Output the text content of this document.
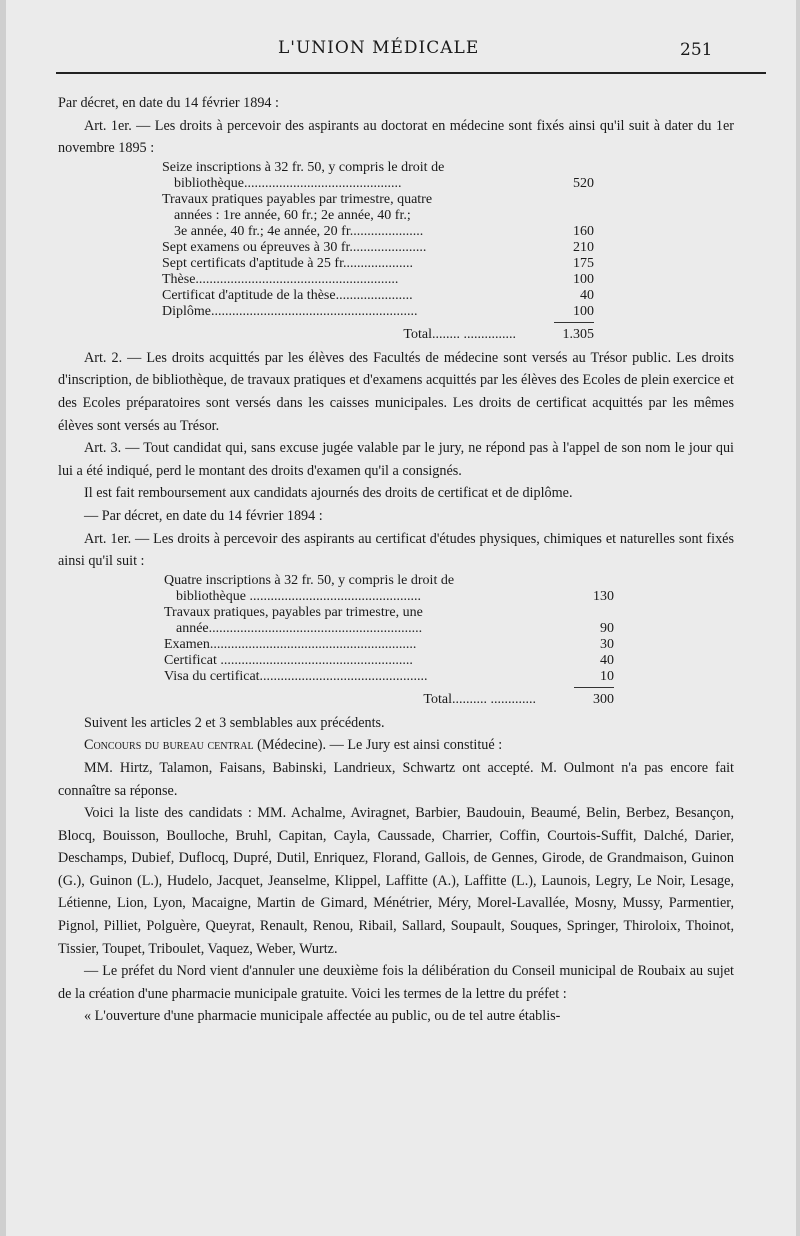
L'UNION MÉDICALE	251

Par décret, en date du 14 février 1894 :

Art. 1er. — Les droits à percevoir des aspirants au doctorat en médecine sont fixés ainsi qu'il suit à dater du 1er novembre 1895 :

Seize inscriptions à 32 fr. 50, y compris le droit de
bibliothèque.............................................	520
Travaux pratiques payables par trimestre, quatre
années : 1re année, 60 fr.; 2e année, 40 fr.;
3e année, 40 fr.; 4e année, 20 fr.....................	160
Sept examens ou épreuves à 30 fr......................	210
Sept certificats d'aptitude à 25 fr....................	175
Thèse..........................................................	100
Certificat d'aptitude de la thèse......................	40
Diplôme...........................................................	100
Total........ ...............	1.305

Art. 2. — Les droits acquittés par les élèves des Facultés de médecine sont versés au Trésor public. Les droits d'inscription, de bibliothèque, de travaux pratiques et d'examens acquittés par les élèves des Ecoles de plein exercice et des Ecoles préparatoires sont versés dans les caisses municipales. Les droits de certificat acquittés par les mêmes élèves sont versés au Trésor.

Art. 3. — Tout candidat qui, sans excuse jugée valable par le jury, ne répond pas à l'appel de son nom le jour qui lui a été indiqué, perd le montant des droits d'examen qu'il a consignés.

Il est fait remboursement aux candidats ajournés des droits de certificat et de diplôme.

— Par décret, en date du 14 février 1894 :

Art. 1er. — Les droits à percevoir des aspirants au certificat d'études physiques, chimiques et naturelles sont fixés ainsi qu'il suit :

Quatre inscriptions à 32 fr. 50, y compris le droit de
bibliothèque .................................................	130
Travaux pratiques, payables par trimestre, une
année.............................................................	90
Examen...........................................................	30
Certificat .......................................................	40
Visa du certificat................................................	10
Total.......... .............	300

Suivent les articles 2 et 3 semblables aux précédents.

Concours du bureau central (Médecine). — Le Jury est ainsi constitué :

MM. Hirtz, Talamon, Faisans, Babinski, Landrieux, Schwartz ont accepté. M. Oulmont n'a pas encore fait connaître sa réponse.

Voici la liste des candidats : MM. Achalme, Aviragnet, Barbier, Baudouin, Beaumé, Belin, Berbez, Besançon, Blocq, Bouisson, Boulloche, Bruhl, Capitan, Cayla, Caussade, Charrier, Coffin, Courtois-Suffit, Dalché, Darier, Deschamps, Dubief, Duflocq, Dupré, Dutil, Enriquez, Florand, Gallois, de Gennes, Girode, de Grandmaison, Guinon (G.), Guinon (L.), Hudelo, Jacquet, Jeanselme, Klippel, Laffitte (A.), Laffitte (L.), Launois, Legry, Le Noir, Lesage, Létienne, Lion, Lyon, Macaigne, Martin de Gimard, Ménétrier, Méry, Morel-Lavallée, Mosny, Mussy, Parmentier, Pignol, Pilliet, Polguère, Queyrat, Renault, Renou, Ribail, Sallard, Soupault, Souques, Springer, Thiroloix, Thoinot, Tissier, Toupet, Triboulet, Vaquez, Weber, Wurtz.

— Le préfet du Nord vient d'annuler une deuxième fois la délibération du Conseil municipal de Roubaix au sujet de la création d'une pharmacie municipale gratuite. Voici les termes de la lettre du préfet :

« L'ouverture d'une pharmacie municipale affectée au public, ou de tel autre établis-
